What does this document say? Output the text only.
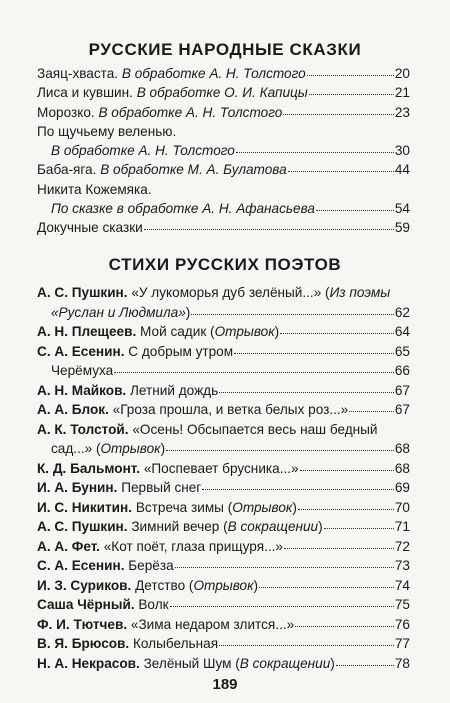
РУССКИЕ НАРОДНЫЕ СКАЗКИ
Заяц-хваста. В обработке А. Н. Толстого	20
Лиса и кувшин. В обработке О. И. Капицы	21
Морозко. В обработке А. Н. Толстого	23
По щучьему веленью.
В обработке А. Н. Толстого	30
Баба-яга. В обработке М. А. Булатова	44
Никита Кожемяка.
По сказке в обработке А. Н. Афанасьева	54
Докучные сказки	59
СТИХИ РУССКИХ ПОЭТОВ
А. С. Пушкин. «У лукоморья дуб зелёный...» (Из поэмы
«Руслан и Людмила»)	62
А. Н. Плещеев. Мой садик (Отрывок)	64
С. А. Есенин. С добрым утром	65
Черёмуха	66
А. Н. Майков. Летний дождь	67
А. А. Блок. «Гроза прошла, и ветка белых роз...»	67
А. К. Толстой. «Осень! Обсыпается весь наш бедный
сад...» (Отрывок)	68
К. Д. Бальмонт. «Поспевает брусника...»	68
И. А. Бунин. Первый снег	69
И. С. Никитин. Встреча зимы (Отрывок)	70
А. С. Пушкин. Зимний вечер (В сокращении)	71
А. А. Фет. «Кот поёт, глаза прищуря...»	72
С. А. Есенин. Берёза	73
И. З. Суриков. Детство (Отрывок)	74
Саша Чёрный. Волк	75
Ф. И. Тютчев. «Зима недаром злится...»	76
В. Я. Брюсов. Колыбельная	77
Н. А. Некрасов. Зелёный Шум (В сокращении)	78
189
